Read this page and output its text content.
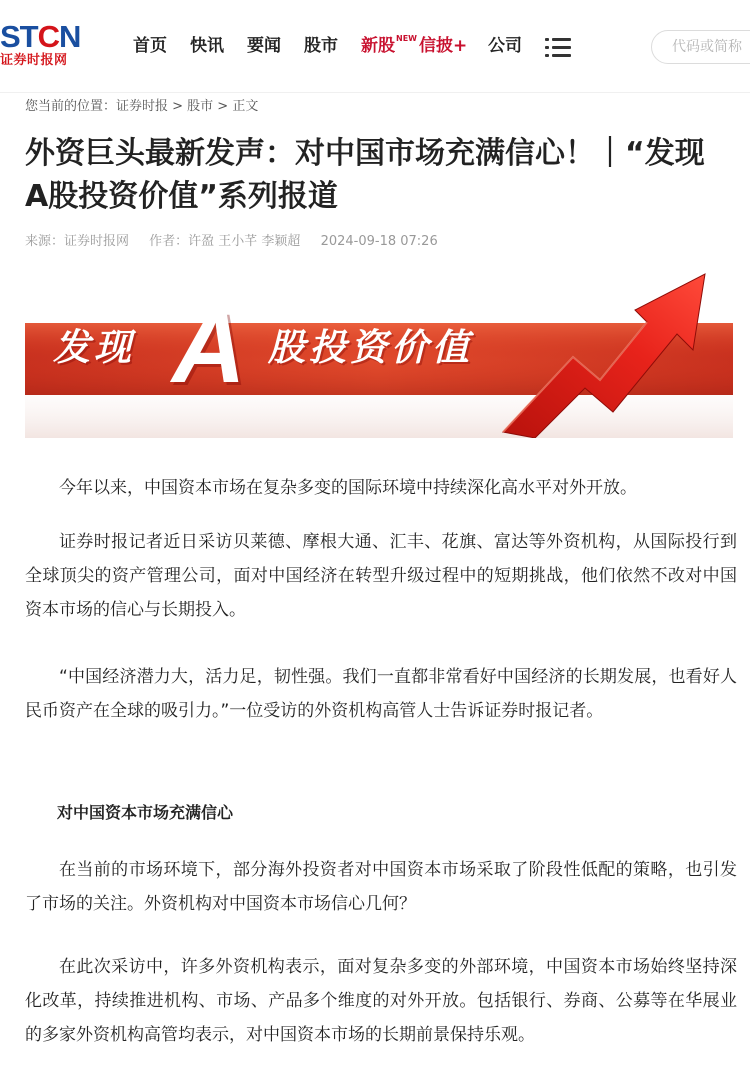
STCN
证券时报网
首页 快讯 要闻 股市 新股 NEW 信披+ 公司	代码或简称
您当前的位置：证券时报 > 股市 > 正文
外资巨头最新发声：对中国市场充满信心！｜“发现A股投资价值”系列报道
来源：证券时报网 作者：许盈 王小芊 李颖超 2024-09-18 07:26
发现 A 股投资价值

今年以来，中国资本市场在复杂多变的国际环境中持续深化高水平对外开放。

证券时报记者近日采访贝莱德、摩根大通、汇丰、花旗、富达等外资机构，从国际投行到全球顶尖的资产管理公司，面对中国经济在转型升级过程中的短期挑战，他们依然不改对中国资本市场的信心与长期投入。

“中国经济潜力大，活力足，韧性强。我们一直都非常看好中国经济的长期发展，也看好人民币资产在全球的吸引力。”一位受访的外资机构高管人士告诉证券时报记者。

对中国资本市场充满信心

在当前的市场环境下，部分海外投资者对中国资本市场采取了阶段性低配的策略，也引发了市场的关注。外资机构对中国资本市场信心几何？

在此次采访中，许多外资机构表示，面对复杂多变的外部环境，中国资本市场始终坚持深化改革，持续推进机构、市场、产品多个维度的对外开放。包括银行、券商、公募等在华展业的多家外资机构高管均表示，对中国资本市场的长期前景保持乐观。
